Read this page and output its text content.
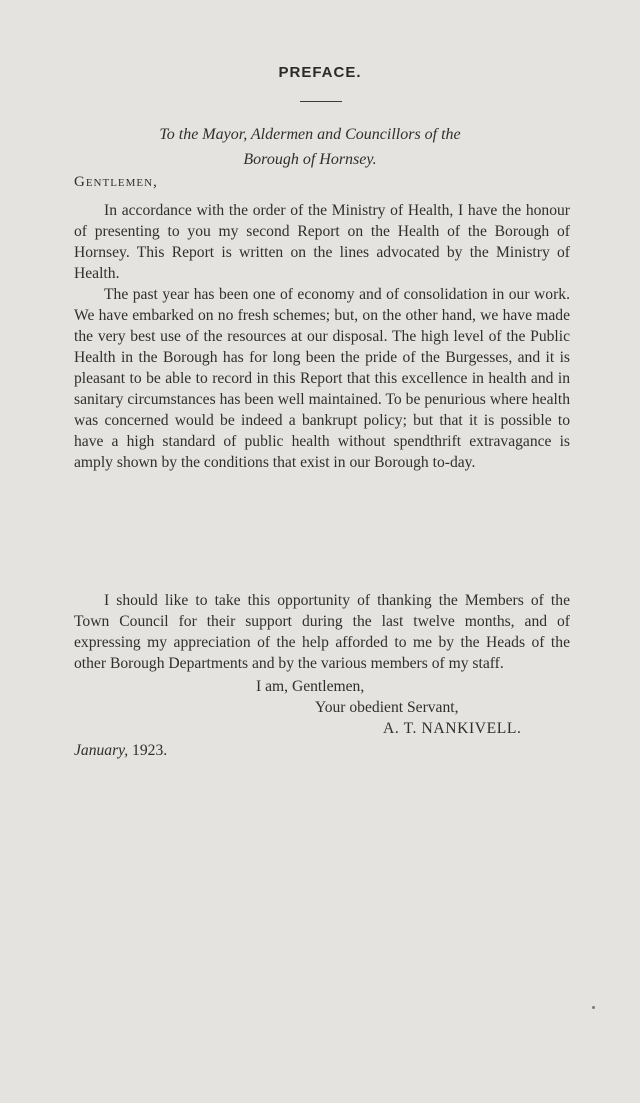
PREFACE.
To the Mayor, Aldermen and Councillors of the
Borough of Hornsey.
Gentlemen,

In accordance with the order of the Ministry of Health, I have the honour of presenting to you my second Report on the Health of the Borough of Hornsey. This Report is written on the lines advocated by the Ministry of Health.

The past year has been one of economy and of consolidation in our work. We have embarked on no fresh schemes; but, on the other hand, we have made the very best use of the resources at our disposal. The high level of the Public Health in the Borough has for long been the pride of the Burgesses, and it is pleasant to be able to record in this Report that this excellence in health and in sanitary circumstances has been well maintained. To be penurious where health was concerned would be indeed a bankrupt policy; but that it is possible to have a high standard of public health without spendthrift extravagance is amply shown by the conditions that exist in our Borough to-day.

I should like to take this opportunity of thanking the Members of the Town Council for their support during the last twelve months, and of expressing my appreciation of the help afforded to me by the Heads of the other Borough Departments and by the various members of my staff.

I am, Gentlemen,
Your obedient Servant,
A. T. NANKIVELL.
January, 1923.
